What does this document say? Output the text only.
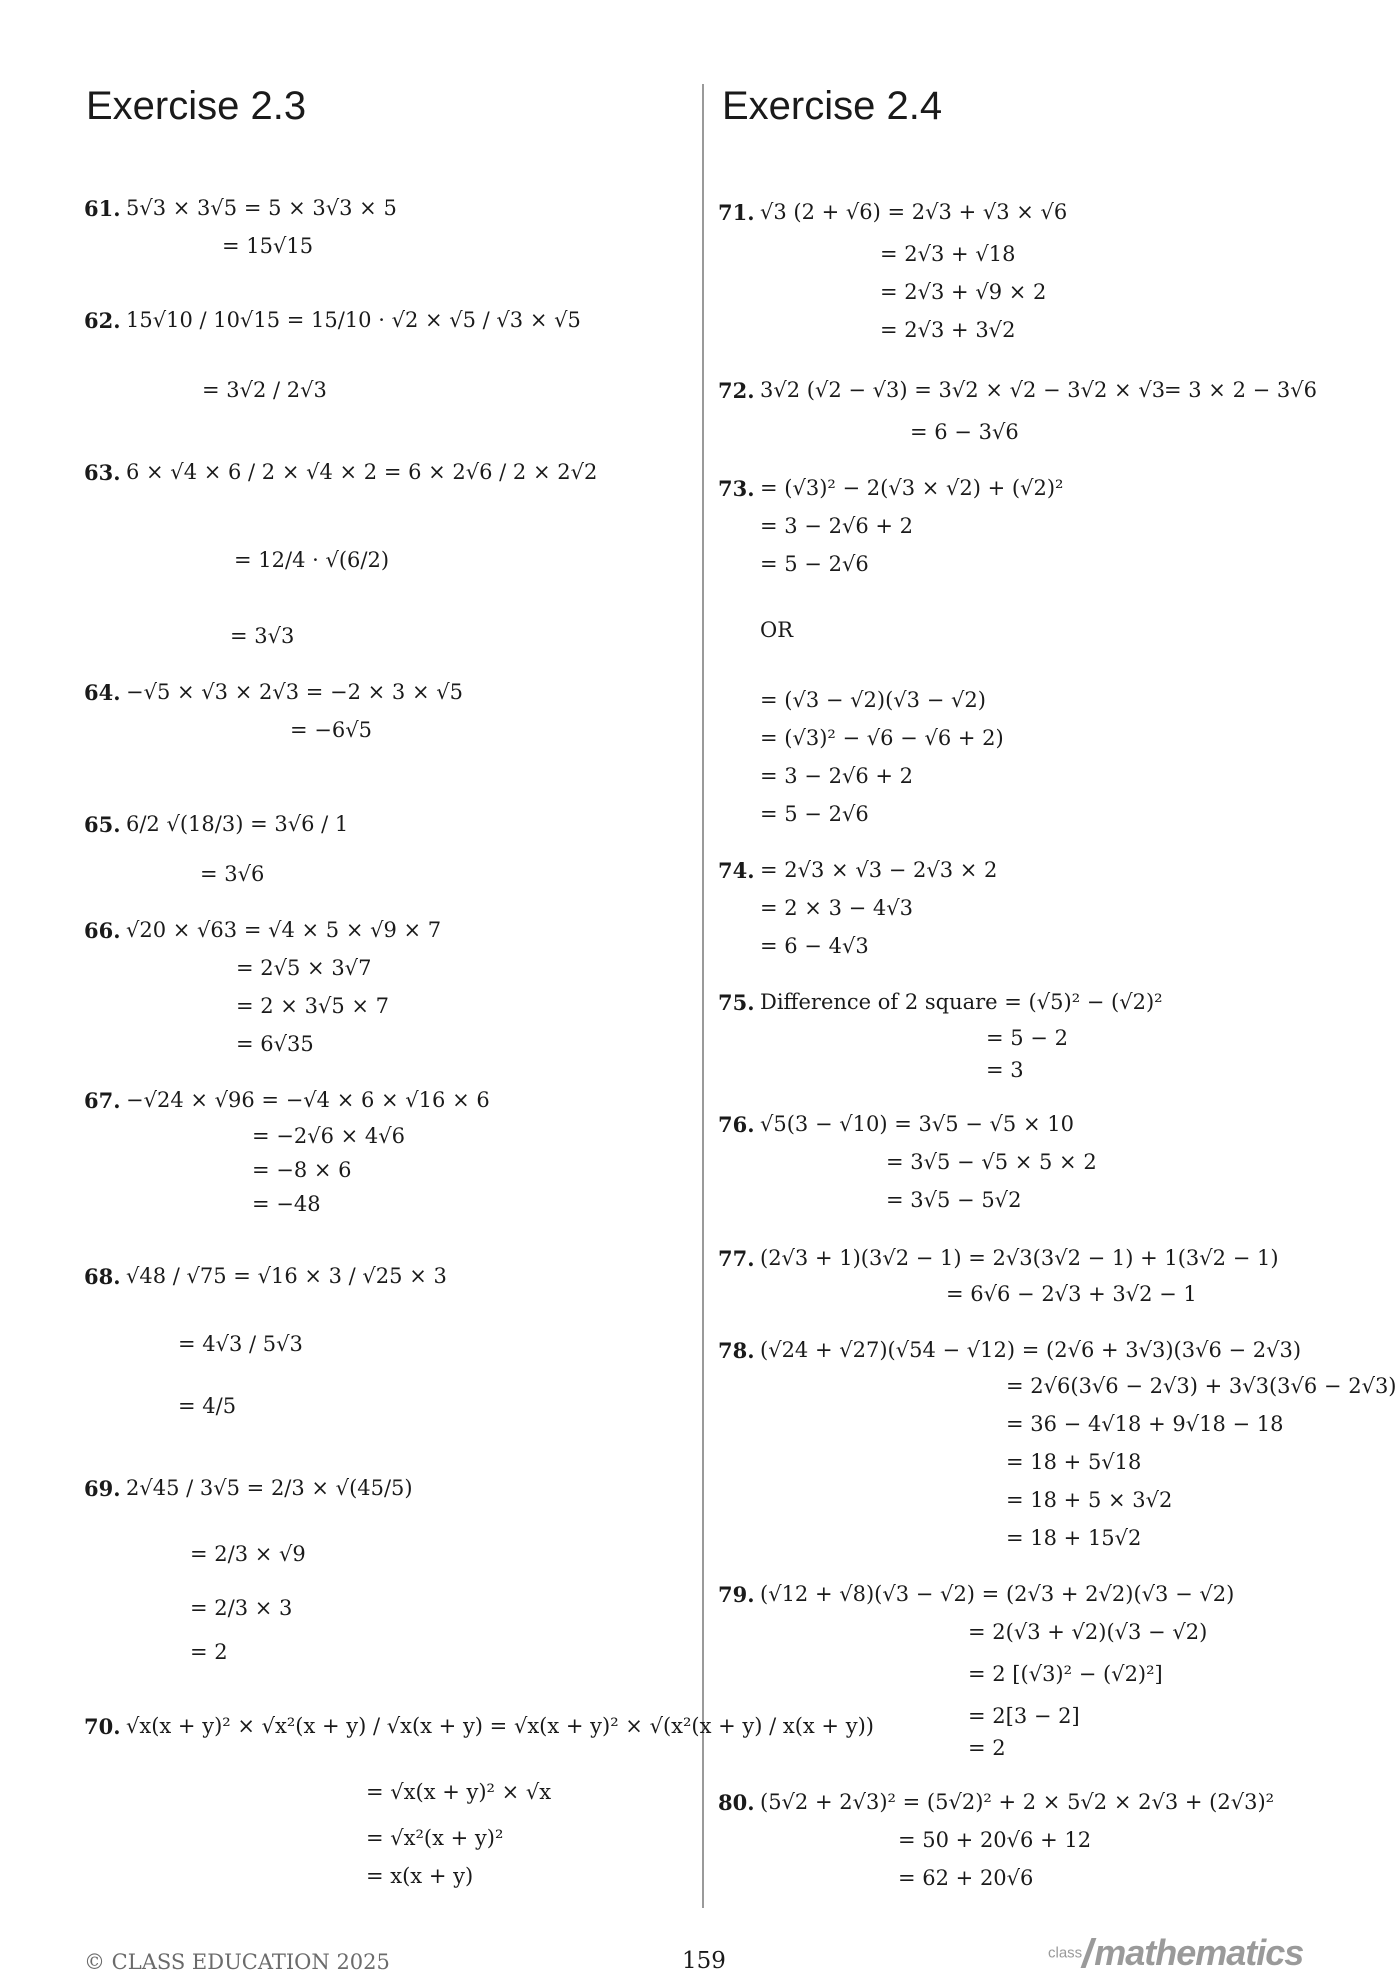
Exercise 2.3	Exercise 2.4
61. 5√3 × 3√5 = 5 × 3√3 × 5
= 15√15
62. 15√10 / 10√15 = 15/10 · √2 × √5 / √3 × √5
= 3√2 / 2√3
63. 6 × √4 × 6 / 2 × √4 × 2 = 6 × 2√6 / 2 × 2√2
= 12/4 · √(6/2)
= 3√3
64. −√5 × √3 × 2√3 = −2 × 3 × √5
= −6√5
65. 6/2 √(18/3) = 3√6 / 1
= 3√6
66. √20 × √63 = √4 × 5 × √9 × 7
= 2√5 × 3√7
= 2 × 3√5 × 7
= 6√35
67. −√24 × √96 = −√4 × 6 × √16 × 6
= −2√6 × 4√6
= −8 × 6
= −48
68. √48 / √75 = √16 × 3 / √25 × 3
= 4√3 / 5√3
= 4/5
69. 2√45 / 3√5 = 2/3 × √(45/5)
= 2/3 × √9
= 2/3 × 3
= 2
70. √x(x + y)² × √x²(x + y) / √x(x + y) = √x(x + y)² × √(x²(x + y) / x(x + y))
= √x(x + y)² × √x
= √x²(x + y)²
= x(x + y)
71. √3 (2 + √6) = 2√3 + √3 × √6
= 2√3 + √18
= 2√3 + √9 × 2
= 2√3 + 3√2
72. 3√2 (√2 − √3) = 3√2 × √2 − 3√2 × √3
= 3 × 2 − 3√6
= 6 − 3√6
73. = (√3)² − 2(√3 × √2) + (√2)²
= 3 − 2√6 + 2
= 5 − 2√6
OR
= (√3 − √2)(√3 − √2)
= (√3)² − √6 − √6 + 2)
= 3 − 2√6 + 2
= 5 − 2√6
74. = 2√3 × √3 − 2√3 × 2
= 2 × 3 − 4√3
= 6 − 4√3
75. Difference of 2 square = (√5)² − (√2)²
= 5 − 2
= 3
76. √5(3 − √10) = 3√5 − √5 × 10
= 3√5 − √5 × 5 × 2
= 3√5 − 5√2
77. (2√3 + 1)(3√2 − 1) = 2√3(3√2 − 1) + 1(3√2 − 1)
= 6√6 − 2√3 + 3√2 − 1
78. (√24 + √27)(√54 − √12) = (2√6 + 3√3)(3√6 − 2√3)
= 2√6(3√6 − 2√3) + 3√3(3√6 − 2√3)
= 36 − 4√18 + 9√18 − 18
= 18 + 5√18
= 18 + 5 × 3√2
= 18 + 15√2
79. (√12 + √8)(√3 − √2) = (2√3 + 2√2)(√3 − √2)
= 2(√3 + √2)(√3 − √2)
= 2 [(√3)² − (√2)²]
= 2[3 − 2]
= 2
80. (5√2 + 2√3)² = (5√2)² + 2 × 5√2 × 2√3 + (2√3)²
= 50 + 20√6 + 12
= 62 + 20√6
© CLASS EDUCATION 2025	159	class mathematics
